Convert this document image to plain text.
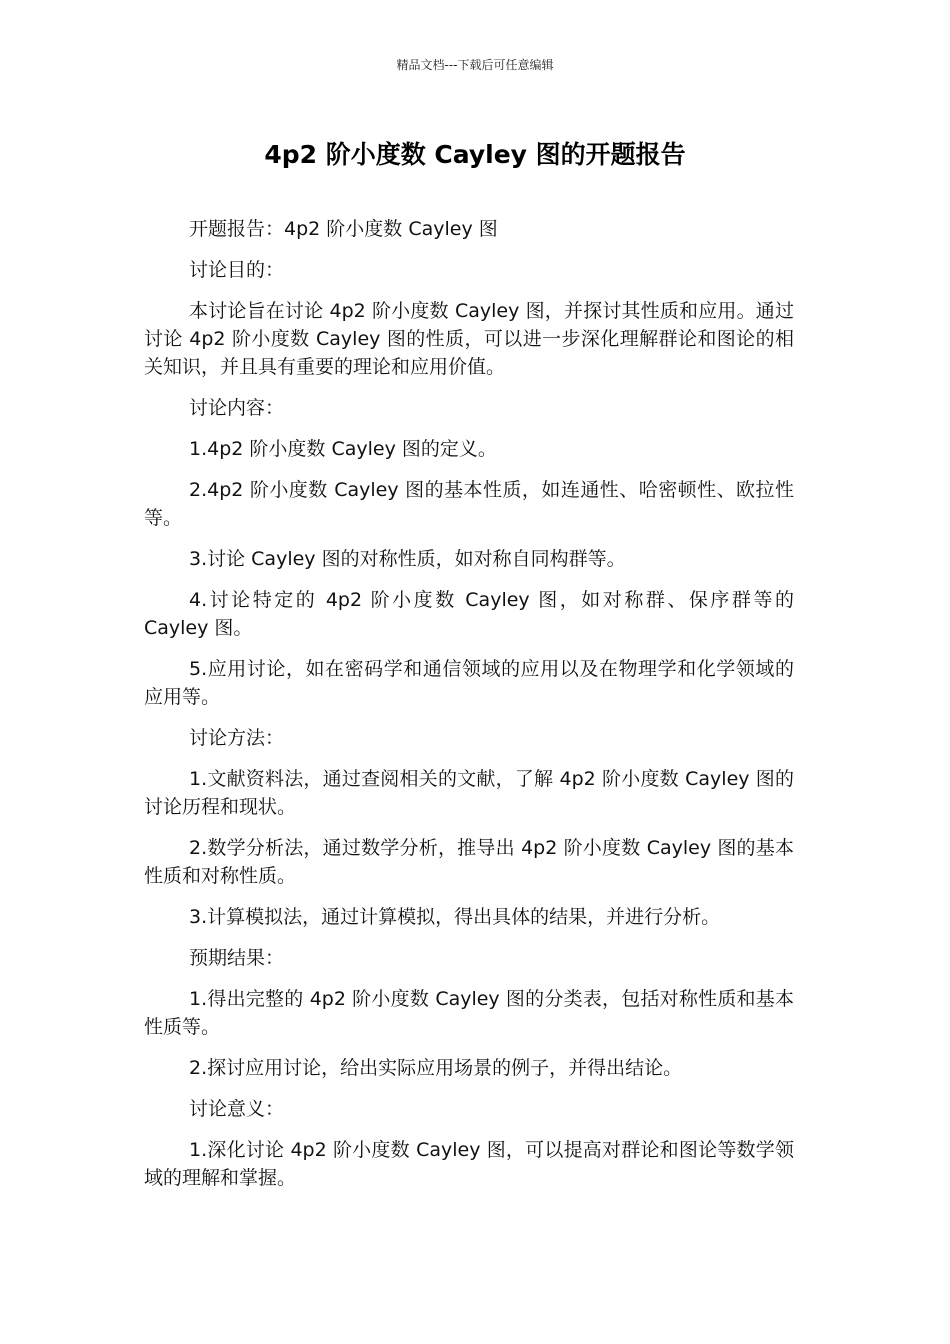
精品文档---下载后可任意编辑
4p2 阶小度数 Cayley 图的开题报告

开题报告：4p2 阶小度数 Cayley 图

讨论目的：

本讨论旨在讨论 4p2 阶小度数 Cayley 图，并探讨其性质和应用。通过讨论 4p2 阶小度数 Cayley 图的性质，可以进一步深化理解群论和图论的相关知识，并且具有重要的理论和应用价值。

讨论内容：

1.4p2 阶小度数 Cayley 图的定义。

2.4p2 阶小度数 Cayley 图的基本性质，如连通性、哈密顿性、欧拉性等。

3.讨论 Cayley 图的对称性质，如对称自同构群等。

4.讨论特定的 4p2 阶小度数 Cayley 图，如对称群、保序群等的 Cayley 图。

5.应用讨论，如在密码学和通信领域的应用以及在物理学和化学领域的应用等。

讨论方法：

1.文献资料法，通过查阅相关的文献，了解 4p2 阶小度数 Cayley 图的讨论历程和现状。

2.数学分析法，通过数学分析，推导出 4p2 阶小度数 Cayley 图的基本性质和对称性质。

3.计算模拟法，通过计算模拟，得出具体的结果，并进行分析。

预期结果：

1.得出完整的 4p2 阶小度数 Cayley 图的分类表，包括对称性质和基本性质等。

2.探讨应用讨论，给出实际应用场景的例子，并得出结论。

讨论意义：

1.深化讨论 4p2 阶小度数 Cayley 图，可以提高对群论和图论等数学领域的理解和掌握。
